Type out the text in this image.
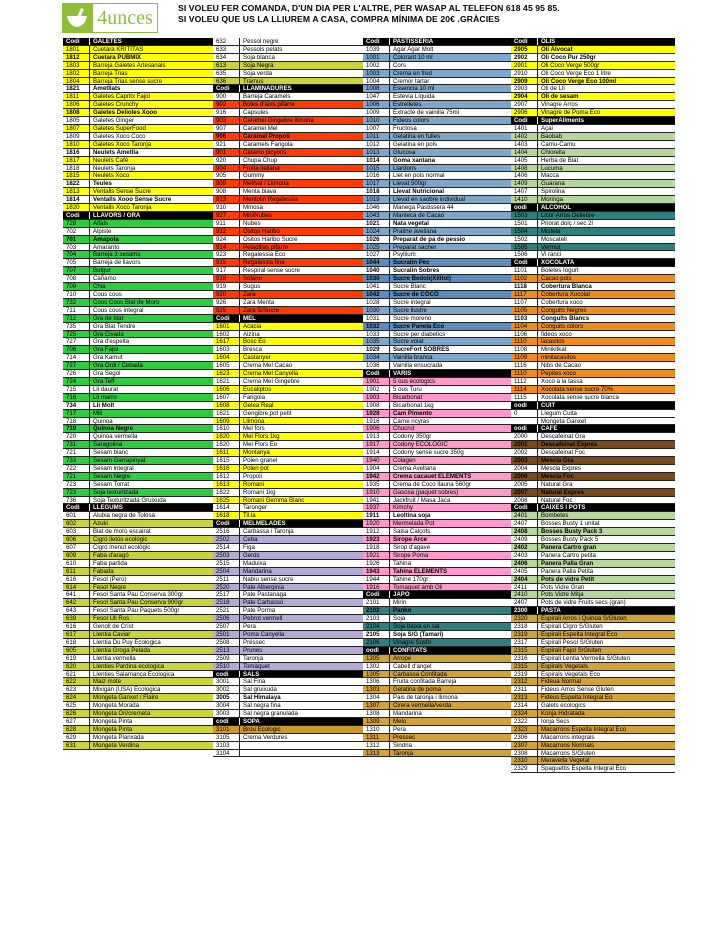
4unces	SI VOLEU FER COMANDA, D'UN DIA PER L'ALTRE, PER WASAP AL TELEFON 618 45 95 85.
SI VOLEU QUE US LA LLIUREM A CASA, COMPRA MÍNIMA DE 20€ .GRÀCIES
Codi	GALETES
1801	Cuetara KRITITAS
1812	Cuetara PUBMIX
1803	Barreja Galetes Artesanals
1802	Barreja Trias
1804	Barreja Trias sense sucre
1821	Ametllats
1811	Galetes Capritx Fajol
1806	Galetes Crunchy
1808	Galetes Delioles Xooo
1805	Galetes Ginger
1807	Galetes SuperFood
1809	Galetes Xoco Coco
1810	Galetes Xoco Taronja
1816	Neulets Ametlla
1817	Neulets Cafè
1818	Neulets Taronja
1815	Neulets Xoco
1822	Teules
1813	Ventalls Sense Sucre
1814	Ventalls Xooo Sense Sucre
1820	Ventalls Xoco Taronja
Codi	LLAVORS / GRA
728	Alfals
702	Alpiste
701	Amapola
703	Amaranto
704	Barreja 3 sesams
705	Barreja de llavors
707	Bulgur
708	Cañamo
709	Chia
710	Cous cous
732	Cous Cous Blat de Moro
711	Cous cous integral
712	Gra de blat
735	Gra Blat Tendre
725	Gra Civada
727	Gra d'espelta
706	Gra Fajol
714	Gra Kamut
727	Gra Ordi / Cebada
726	Gra Segol
724	Gra Teff
715	Lli daurat
716	Lli marro
734	Lli Molt
717	Mill
718	Quinoa
719	Quinoa Negre
720	Quinoa vermella
731	Saragolina
721	Sesam blanc
733	Sesam Garrapinyat
722	Sesam integral
721	Sesam Negre
723	Sesam Torrat
723	Soja texturitzada
736	Soja Texturitzada Gruixuda
Codi	LLEGUMS
601	Alubia negra de Tolosa
602	Azuki
603	Blat de moro escairat
606	Cigró lletós ecològic
607	Cigró menut ecològic
609	Faba d'aragó
610	Faba partida
611	Fabada
616	Fesol (Perú)
614	Fesol Negre
641	Fesol Santa Pau Conserva 300gr
642	Fesol Santa Pau Conserva 900gr
643	Fesol Santa Pau Paquets 500gr
639	Fesol Ull Ros
616	Genoll de Crist
617	Llentia Caviar
618	Llentia Du Puy Ecologica
605	Llentia Groga Pelada
619	Llentia vermella
620	Llenties Pardina ecologica
621	Llenties Salamanca Ecologica
622	Maiz mote
623	Mixigan (USA) Ecologica
624	Mongeta Ganxet / Flaire
625	Mongeta Morada
626	Mongeta Ori/cremeta
627	Mongeta Pinta
628	Mongeta Pinta
629	Mongeta Planxada
631	Mongeta Verdina
632	Pessol negre
633	Pessols pelats
634	Soja blanca
613	Soja Negra
635	Soja verda
636	Tramus
Codi	LLAMINADURES
900	Barreja Caramels
902	Boles d'anis pifarre
916	Capsules
903	Caramel Gingebre llimona
907	Caramel Mel
906	Caramel Propoli
921	Caramels Farigola
901	Caserio picyons
920	Chupa Chup
904	Fruita italiana
905	Gummy
909	Mel/sal / Llimona
908	Menta blava
913	Mentolin Regalessia
910	Mmosa
927	MiniNubes
911	Nubes
912	Ositos Haribo
924	Ositos Haribo Sucre
914	Peladillas pifarre
923	Regalessia Eco
915	Regalessia fina
917	Respiral sense sucre
918	Solano
919	Sugus
920	Zara
926	Zara Menta
925	Zara S/Sucre
Codi	MEL
1601	Acacia
1602	Alzina
1617	Bosc Eo
1603	Bresca
1604	Castanyer
1605	Crema Mel Cacao
1623	Crema Mel Canyella
1621	Crema Mel Gingebre
1606	Eucaliptos
1607	Farigola
1608	Gelea Real
1621	Gengibre,pot petit
1609	Llimona
1610	Mel fors
1620	Mel Flors 1kg
1620	Mel Flors Eo
1611	Montanya
1615	Polen granel
1616	Polen pot
1612	Propoli
1613	Romani
1622	Romani 1kg
1625	Romani Gemma Blanc
1614	Taronger
1618	Til.la
Codi	MELMELADES
2516	Carbassa i Taronja
2502	Ceba
2514	Figa
2503	Gerds
2515	Maduixa
2504	Mandarina
2511	Nabiu sense sucre
2520	Pate Alberginia
2517	Pate Pastanaga
2518	Pate Carbassó
2521	Pate Porma
2506	Pebrot vermell
2507	Pera
2501	Poma Canyella
2508	Préssec
2513	Prunes
2509	Taronja
2510	Tomàquet
codi	SALS
3001	Sal Fina
3002	Sal gruixuda
3005	Sal Himalaya
3004	Sal negra fina
3003	Sal negra granulada
codi	SOPA
3101	Brou Ecologic
3105	Crema Verdures
3103
3104
Codi	PASTISSERIA
1039	Agar Agar Molt
1001	Colorant 10 ml
1002	Cors
1003	Crema en fred
1004	Cremor tartar
1008	Essencia 10 ml
1047	Estevia Líquida
1006	Estrelletes
1009	Extracte de vainilla 75ml
1010	Fideos colors
1007	Fructosa
1011	Gelatina en fulles
1012	Gelatina en pols
1013	Glucosa
1014	Goma xantana
1015	Llardons
1016	Llet en pols normal
1017	Llevat 500gr
1018	Llevat Nutricional
1019	Llevat en saobre individual
1046	Manega Pastissera 44
1043	Manteca de Cacao
1021	Nata vegetal
1024	Praline avellana
1026	Preparat de pa de pessio
1025	Preparat sacher
1027	Psyllium
1044	Sucralin Pec
1040	Sucralin Sobres
1030	Sucre Bedoli(Xilitol)
1041	Sucre Blanc
1042	Sucre de COCO
1028	Sucre integral
1030	Sucre llustre
1031	Sucre moreno
1032	Sucre Panela Eco
1033	Sucre per diabetics
1035	Sucre volat
1029	SucreFort SOBRES
1034	Vainilla branca
1036	Vainilla ensucrada
Codi	VARIS
1901	5 ous ecologics
1902	5 ous Turu
1903	Bicarbonat
1908	Bicarbonat 1kg
1928	Cam Pimento
1916	Carne ncyras
1906	Chucrut
1913	Codony 350gr
1917	Codony ECOLOGIC
1914	Codony sense sucre 350g
1940	Colagen
1904	Crema Avellana
1942	Crema cacauet ELEMENTS
1935	Crema de Coco llauna 560gr
1910	Gasosa (paquet sobres)
1941	Jackfruit / Masa Jaca
1937	Kimchy
1911	Leoltina soja
1920	Mermelada Pot
1912	Salsa Calçots
1923	Sirope Arce
1918	Sirop d'agave
1921	Sirope Poma
1926	Tahina
1943	Tahina ELEMENTS
1944	Tahine 170gr
1916	Tomaquet amb Oli
Codi	JAPO
2101	Mirin
2102	Panko
2103	Soja
2104	Soja baixa en sal
2105	Soja S/G (Tamari)
2106	Vinagre Sushi
oodi	CONFITATS
1305	Arrope
1302	Cabell d'angel
1305	Carbassa Confitada
1306	Fruita confitada Barreja
1303	Gelatina de poma
1304	Pais de taronja i llimona
1307	Cirera vermella/verda
1308	Mandarina
1309	Melo
1310	Pera
1311	Pressec
1312	Sindria
1313	Taronja
Codi	OLIS
2905	Oli Alvocat
2902	Oli Coco Pur 250gr
2901	Oli Coco Verge 500gr
2910	Oli Coco Verge Eco 1 litre
2909	Oli Coco Verge Eco 100ml
2903	Oli de Lli
2904	Oli de sesam
2907	Vinagre Arros
2906	Vinagre de Poma Eco
Codi	SuperAliments
1401	Açai
1402	Baobab
1403	Camu-Camu
1404	Chlorella
1405	Herba de Blat
1408	Lucuma
1406	Macca
1409	Guarana
1407	Spirolina
1410	Moringa
oodi	ALCOHOL
1503	Licor Arros Dellebre
1501	Priorat dolç / sec 2l
1504	Mistela
1502	Moscatell
1505	Vermut
1506	Vi ranci
Codi	XOCOLATA
1101	Boletes Iogurt
1102	Cacao pols
1118	Cobertura Blanca
1117	Cobertura Xocolat
1107	Cobertura xoco
1105	Congults Negres
1103	Congults Blancs
1104	Conguits colors
1106	fideos xoco
1110	lacasitos
1108	Minikitkat
1109	minilacasitos
1116	Nibs de Cacao
1110	Pepites xoco
1112	Xoco a la tassa
1114	Xocolata sense sucre 70%
1115	Xocolata sense sucre blanca
oodi	CUIT
0	Llegum Cuita
Mongeta Ganxet
oodi	CAFÈ
2000	Descafeinat Gra
2001	Descafeinat Expres
2002	Descafeinat Foc
2003	Mescla Gra
2004	Mescla Expres
2006	Mescla Foc
2005	Natural Gra
2007	Natural Expres
2008	Natural Foc
Codi	CAIXES I POTS
2401	Bombetes
2407	Bosses Busty 1 unitat
2408	Bosses Busty Pack 3
2409	Bosses Busty Pack 5
2402	Panera Cartro gran
2403	Panera Cartro petita
2406	Panera Palla Gran
2405	Panera Palla Petita
2404	Pots de vidre Petit
2411	Pots Vidre Gran
2410	Pots Vidre Mitja
2407	Pots de vidre Fruits secs (gran)
2300	PASTA
2320	Espirali Arros i Quinoa S/Gluten
2318	Espirali Cigro S/Gluten
2319	Espirali Espelta Integral Eco
2317	Espirali Pesol S/Gluten
2315	Espirali Fajol S/Gluten
2316	Espirali Lentia Vermella S/Gluten
2315	Espirals Vegetals
2319	Espirals Vegetals Eco
2312	Fideua Normal
2311	Fideus Arros Sense Gluten
2313	Fideus Espelta Integral Eo
2314	Galets ecologics
2324	Konja Hidratada
2322	Ionja Secs
2323	Macarrons Espelta Integral Eco
2306	Macarrons integrals
2307	Macarrons Normals
2308	Macarrons S/Gluten
2310	Meravella Vegetal
2329	Spaguettis Espelta Integral Eco
